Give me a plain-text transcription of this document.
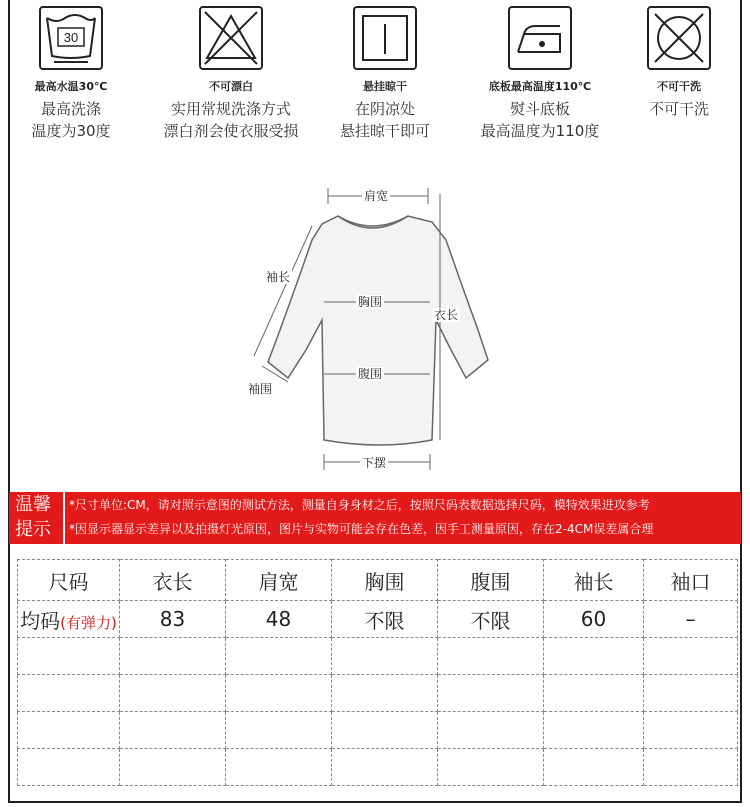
30
最高水温30℃
最高洗涤
温度为30度
不可漂白
实用常规洗涤方式
漂白剂会使衣服受损
悬挂晾干
在阴凉处
悬挂晾干即可
底板最高温度110℃
熨斗底板
最高温度为110度
不可干洗
不可干洗
肩宽
袖长
胸围
衣长
腹围
袖围
下摆
温馨
提示
*尺寸单位:CM，请对照示意图的测试方法，测量自身身材之后，按照尺码表数据选择尺码，模特效果进攻参考
*因显示器显示差异以及拍摄灯光原因，图片与实物可能会存在色差，因手工测量原因，存在2-4CM误差属合理
尺码	衣长	肩宽	胸围	腹围	袖长	袖口
均码(有弹力)	83	48	不限	不限	60	–
